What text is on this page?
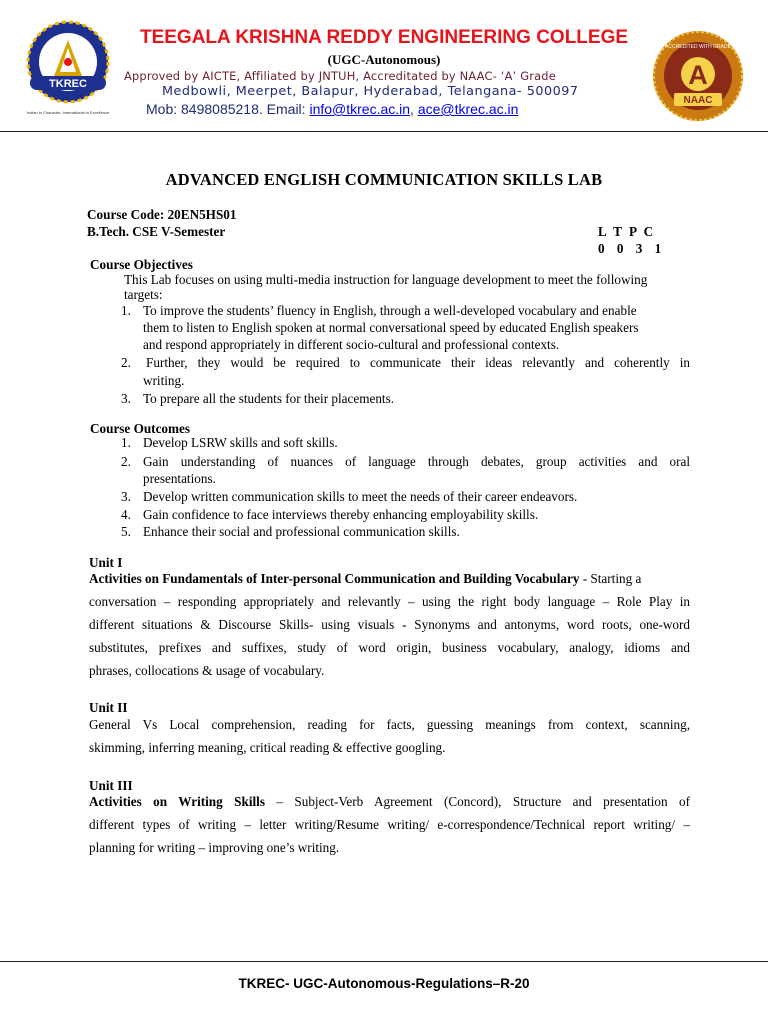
TKREC
HYDERABAD
Indian in Character, International in Excellence
A
NAAC
ACCREDITED WITH GRADE
TEEGALA KRISHNA REDDY ENGINEERING COLLEGE
(UGC-Autonomous)
Approved by AICTE, Affiliated by JNTUH, Accreditated by NAAC- ‘A’ Grade
Medbowli, Meerpet, Balapur, Hyderabad, Telangana- 500097
Mob: 8498085218. Email: info@tkrec.ac.in, ace@tkrec.ac.in
ADVANCED ENGLISH COMMUNICATION SKILLS LAB
Course Code: 20EN5HS01
B.Tech. CSE V-Semester	L T P C
0 0 3 1
Course Objectives
This Lab focuses on using multi-media instruction for language development to meet the following
targets:
1. To improve the students’ fluency in English, through a well-developed vocabulary and enable
them to listen to English spoken at normal conversational speed by educated English speakers
and respond appropriately in different socio-cultural and professional contexts.
2. Further, they would be required to communicate their ideas relevantly and coherently in
writing.
3. To prepare all the students for their placements.
Course Outcomes
1. Develop LSRW skills and soft skills.
2. Gain understanding of nuances of language through debates, group activities and oral
presentations.
3. Develop written communication skills to meet the needs of their career endeavors.
4. Gain confidence to face interviews thereby enhancing employability skills.
5. Enhance their social and professional communication skills.
Unit I
Activities on Fundamentals of Inter-personal Communication and Building Vocabulary - Starting a
conversation – responding appropriately and relevantly – using the right body language – Role Play in
different situations & Discourse Skills- using visuals - Synonyms and antonyms, word roots, one-word
substitutes, prefixes and suffixes, study of word origin, business vocabulary, analogy, idioms and
phrases, collocations & usage of vocabulary.
Unit II
General Vs Local comprehension, reading for facts, guessing meanings from context, scanning,
skimming, inferring meaning, critical reading & effective googling.
Unit III
Activities on Writing Skills – Subject-Verb Agreement (Concord), Structure and presentation of
different types of writing – letter writing/Resume writing/ e-correspondence/Technical report writing/ –
planning for writing – improving one’s writing.
TKREC- UGC-Autonomous-Regulations–R-20
